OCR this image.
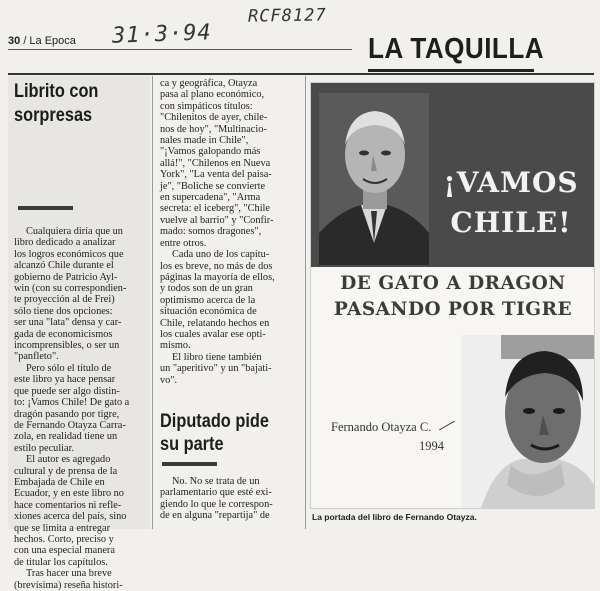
31·3·94
RCF8127
30 / La Epoca	LA TAQUILLA
Librito con
sorpresas
Cualquiera diría que un
libro dedicado a analizar
los logros económicos que
alcanzó Chile durante el
gobierno de Patricio Ayl-
win (con su correspondien-
te proyección al de Frei)
sólo tiene dos opciones:
ser una "lata" densa y car-
gada de economicismos
incomprensibles, o ser un
"panfleto".
Pero sólo el título de
este libro ya hace pensar
que puede ser algo distin-
to: ¡Vamos Chile! De gato a
dragón pasando por tigre,
de Fernando Otayza Carra-
zola, en realidad tiene un
estilo peculiar.
El autor es agregado
cultural y de prensa de la
Embajada de Chile en
Ecuador, y en este libro no
hace comentarios ni refle-
xiones acerca del país, sino
que se limita a entregar
hechos. Corto, preciso y
con una especial manera
de titular los capítulos.
Tras hacer una breve
(brevísima) reseña histori-
ca y geográfica, Otayza
pasa al plano económico,
con simpáticos títulos:
"Chilenitos de ayer, chile-
nos de hoy", "Multinacio-
nales made in Chile",
"¡Vamos galopando más
allá!", "Chilenos en Nueva
York", "La venta del paisa-
je", "Boliche se convierte
en supercadena", "Arma
secreta: el iceberg", "Chile
vuelve al barrio" y "Confir-
mado: somos dragones",
entre otros.
Cada uno de los capítu-
los es breve, no más de dos
páginas la mayoría de ellos,
y todos son de un gran
optimismo acerca de la
situación económica de
Chile, relatando hechos en
los cuales avalar ese opti-
mismo.
El libro tiene también
un "aperitivo" y un "bajati-
vo".
Diputado pide
su parte
No. No se trata de un
parlamentario que esté exi-
giendo lo que le correspon-
de en alguna "repartija" de
¡VAMOS
CHILE!
DE GATO A DRAGON
PASANDO POR TIGRE

Fernando Otayza C.

1994

La portada del libro de Fernando Otayza.
